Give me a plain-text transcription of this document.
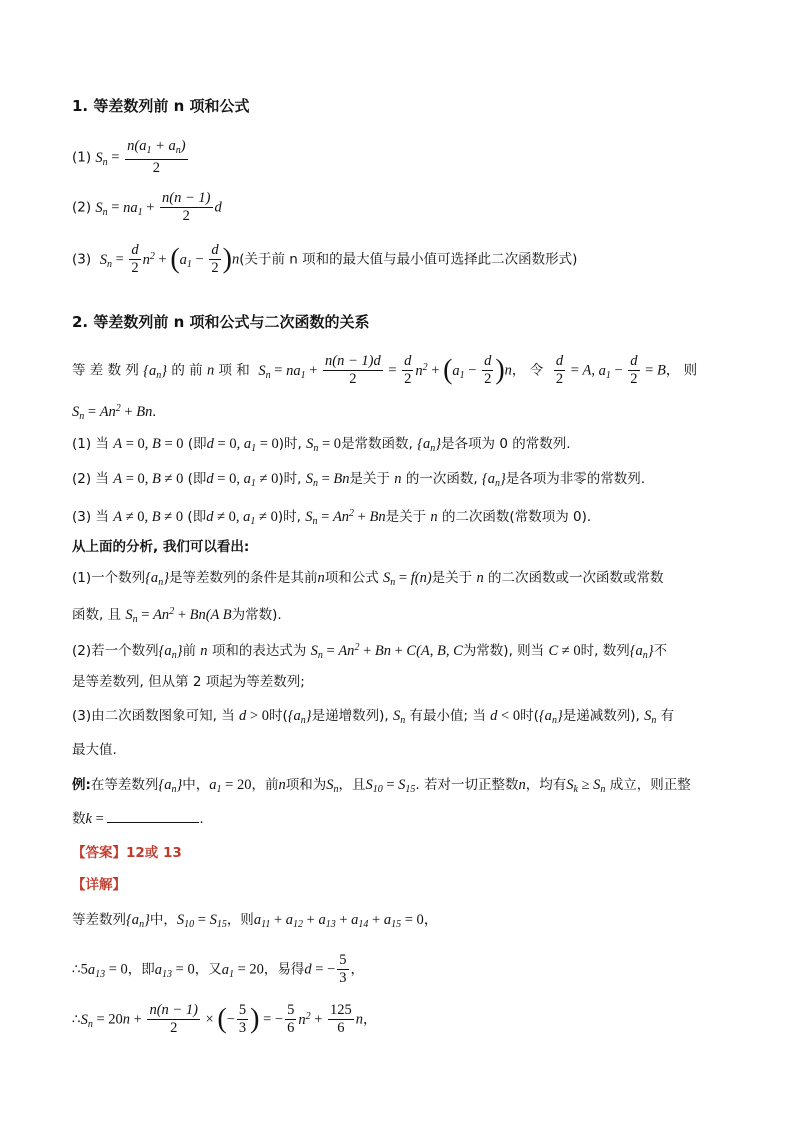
1. 等差数列前 n 项和公式
(1) $S_n = \frac{n(a_1 + a_n)}{2}$
(2) $S_n = na_1 + \frac{n(n - 1)}{2}$ d
(3) $S_n = \frac{d}{2} n^2 + (a_1 - \frac{d}{2} )n$(关于前 n 项和的最大值与最小值可选择此二次函数形式)
2. 等差数列前 n 项和公式与二次函数的关系
等 差 数 列 $\{a_n\}$ 的 前 n 项 和 $S_n = na_1 + \frac{n(n - 1)d}{2} = \frac{d}{2} n^2 + (a_1 - \frac{d}{2} )n$， 令 $\frac{d}{2} = A$, $a_1 - \frac{d}{2} = B$， 则
$S_n = An^2 + Bn$.
(1) 当 A = 0, B = 0 (即d = 0, $a_1 = 0$)时, $S_n = 0$是常数函数, $\{a_n\}$是各项为 0 的常数列.
(2) 当 A = 0, B ≠ 0 (即d = 0, $a_1 \ne 0$)时, $S_n = Bn$是关于 n 的一次函数, $\{a_n\}$是各项为非零的常数列.
(3) 当 A ≠ 0, B ≠ 0 (即d ≠ 0, $a_1 \ne 0$)时, $S_n = An^2 + Bn$是关于 n 的二次函数(常数项为 0).
从上面的分析, 我们可以看出:
(1)一个数列$\{a_n\}$是等差数列的条件是其前n项和公式 $S_n = f(n)$是关于 n 的二次函数或一次函数或常数
函数, 且 $S_n = An^2 + Bn(A$ B为常数).
(2)若一个数列$\{a_n\}$前 n 项和的表达式为 $S_n = An^2 + Bn + C(A$, B, C为常数), 则当 C ≠ 0时, 数列$\{a_n\}$不
是等差数列, 但从第 2 项起为等差数列;
(3)由二次函数图象可知, 当 d > 0时($\{a_n\}$是递增数列), $S_n$ 有最小值; 当 d < 0时($\{a_n\}$是递减数列), $S_n$ 有
最大值.
例:在等差数列$\{a_n\}$中，$a_1 = 20$，前n项和为$S_n$，且$S_{10} = S_{15}$. 若对一切正整数n，均有$S_k \ge S_n$ 成立，则正整
数k =	.
【答案】12或 13
【详解】
等差数列$\{a_n\}$中，$S_{10} = S_{15}$，则$a_{11} + a_{12} + a_{13} + a_{14} + a_{15} = 0$，
$\therefore 5a_{13} = 0$，即$a_{13} = 0$，又$a_1 = 20$，易得d = − $\frac{5}{3}$ ，
$\therefore S_n = 20n + \frac{n(n - 1)}{2}$ × (− $\frac{5}{3}$ ) = − $\frac{5}{6} n^2 + \frac{125}{6}$ n，
